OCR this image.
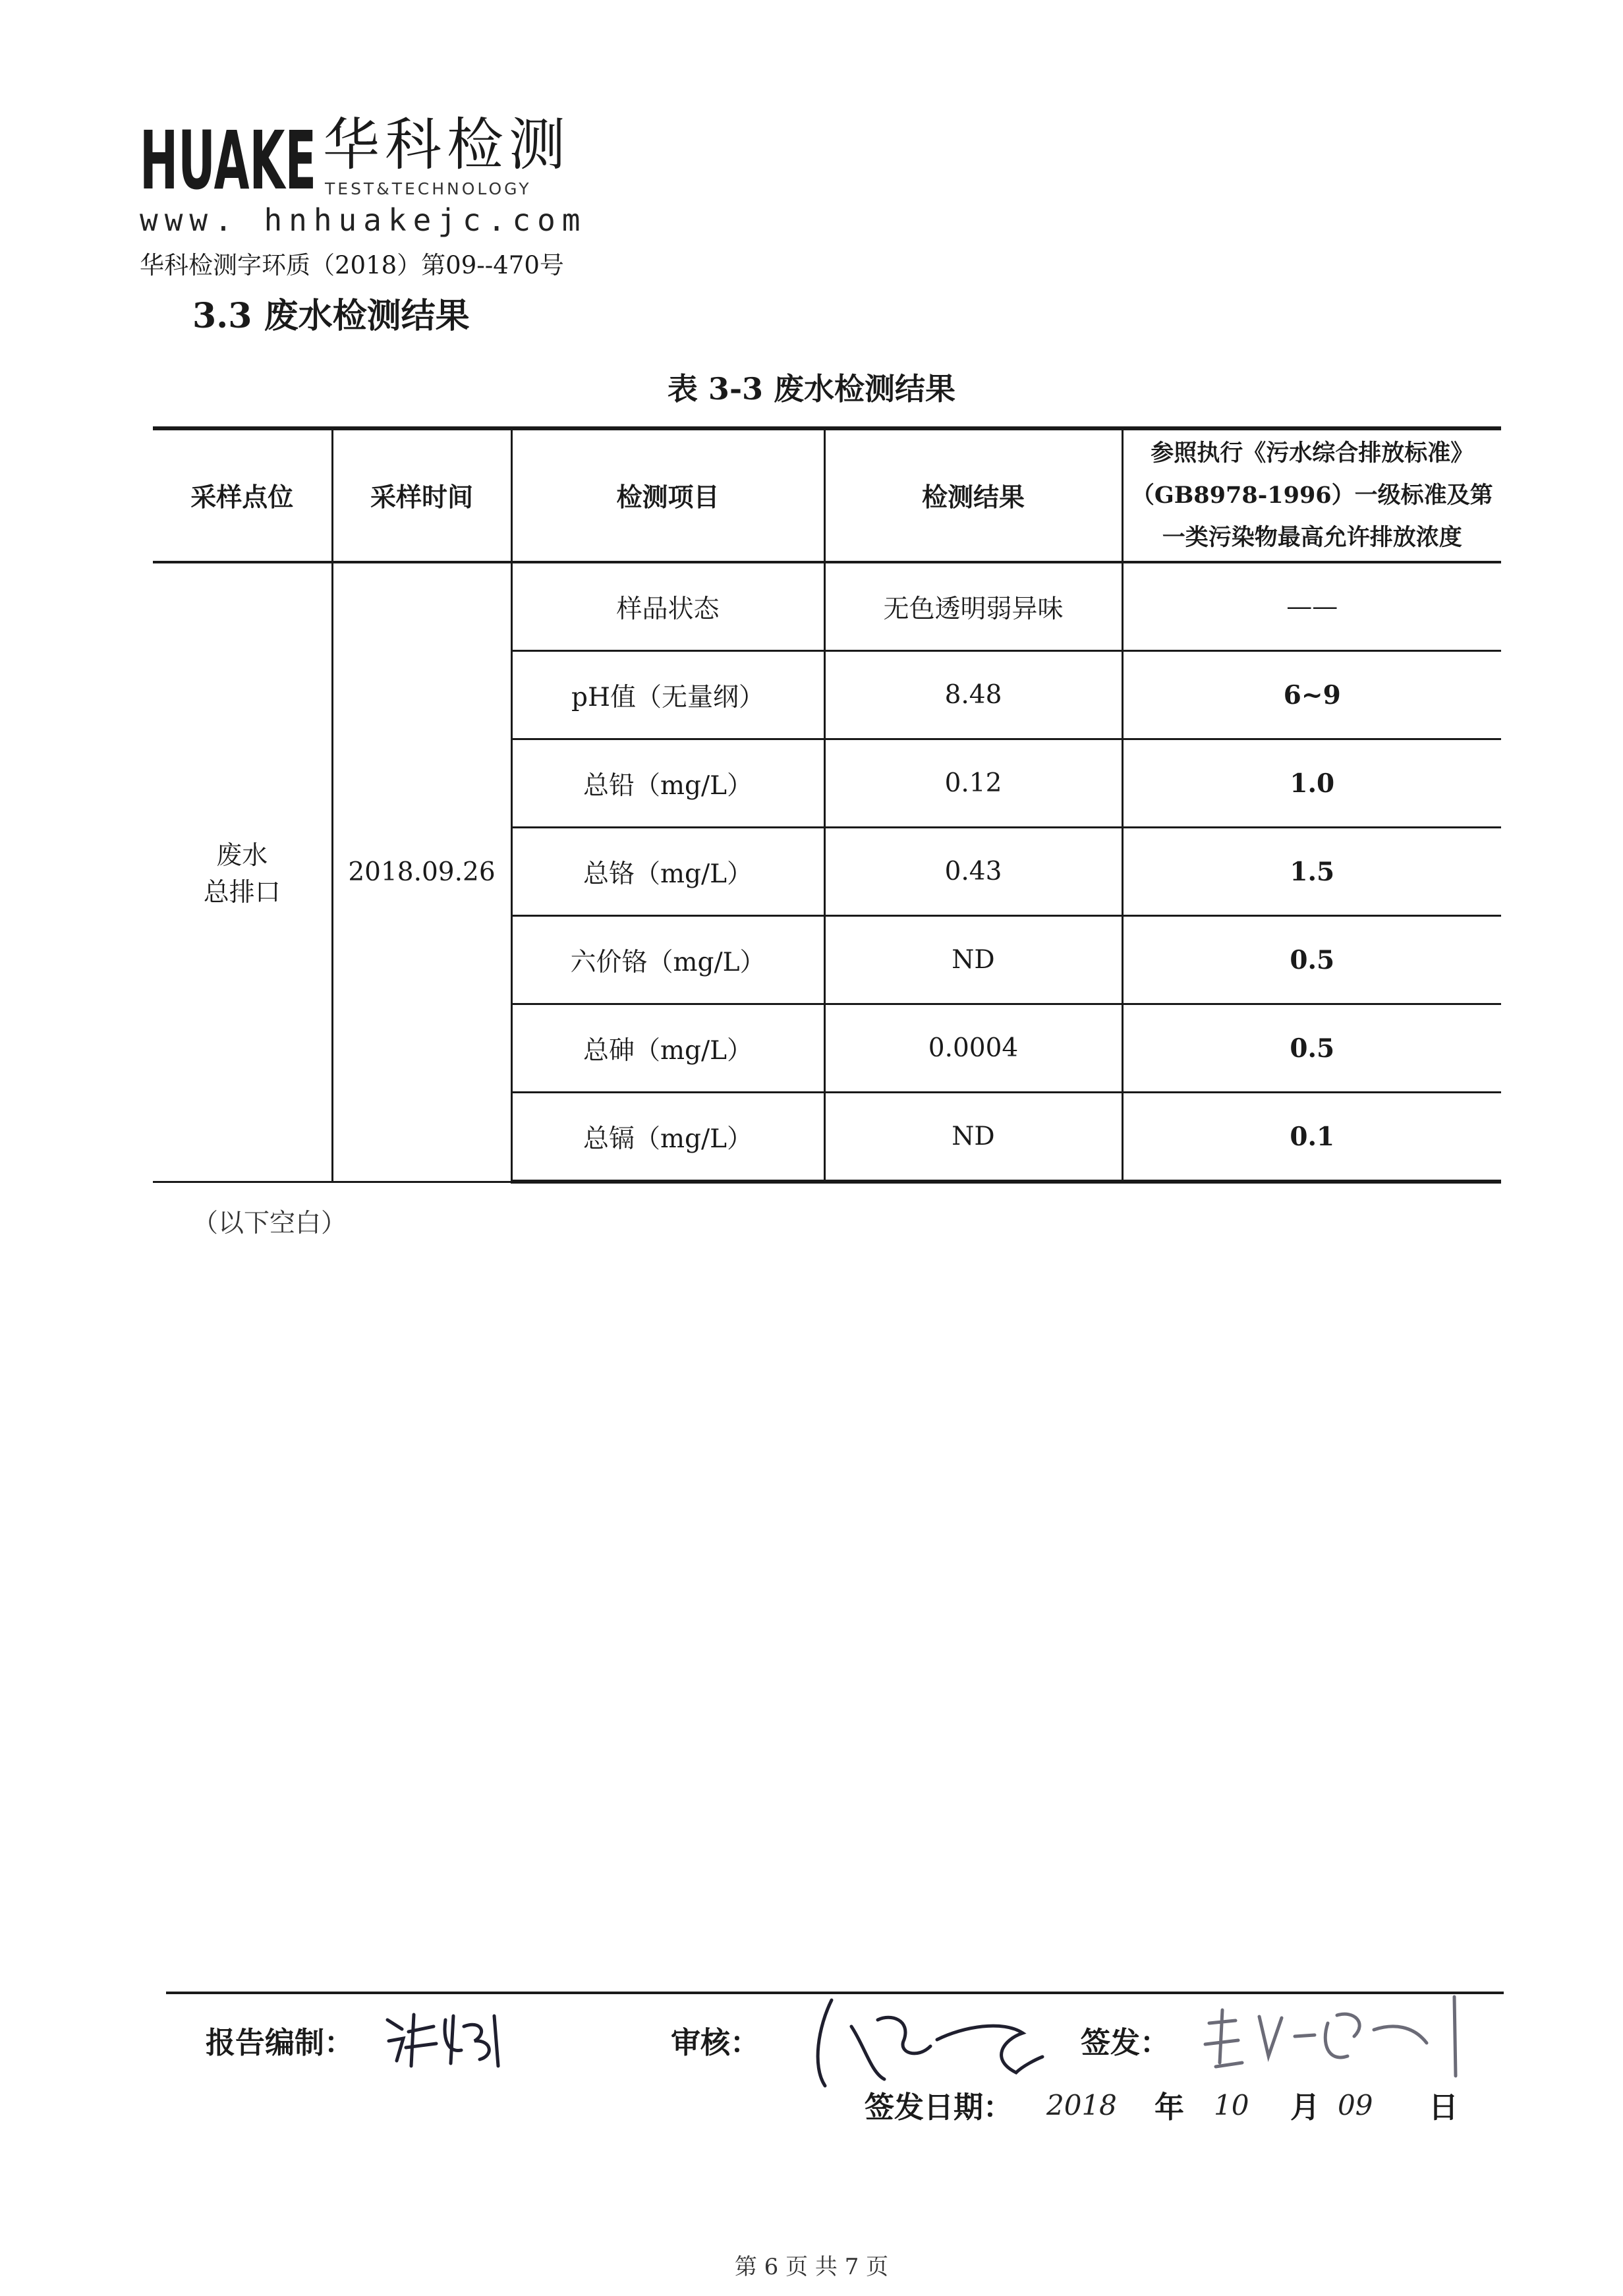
HUAKE 华科检测
TEST&TECHNOLOGY
www. hnhuakejc.com
华科检测字环质（2018）第09--470号
3.3 废水检测结果
表 3-3 废水检测结果
采样点位	采样时间	检测项目	检测结果	参照执行《污水综合排放标准》
（GB8978-1996）一级标准及第
一类污染物最高允许排放浓度

废水
总排口	2018.09.26	样品状态	无色透明弱异味	——
		pH值（无量纲）	8.48	6~9
		总铅（mg/L）	0.12	1.0
		总铬（mg/L）	0.43	1.5
		六价铬（mg/L）	ND	0.5
		总砷（mg/L）	0.0004	0.5
		总镉（mg/L）	ND	0.1
（以下空白）
报告编制：	审核：	签发：
签发日期： 2018 年 10 月 09 日
第 6 页 共 7 页
